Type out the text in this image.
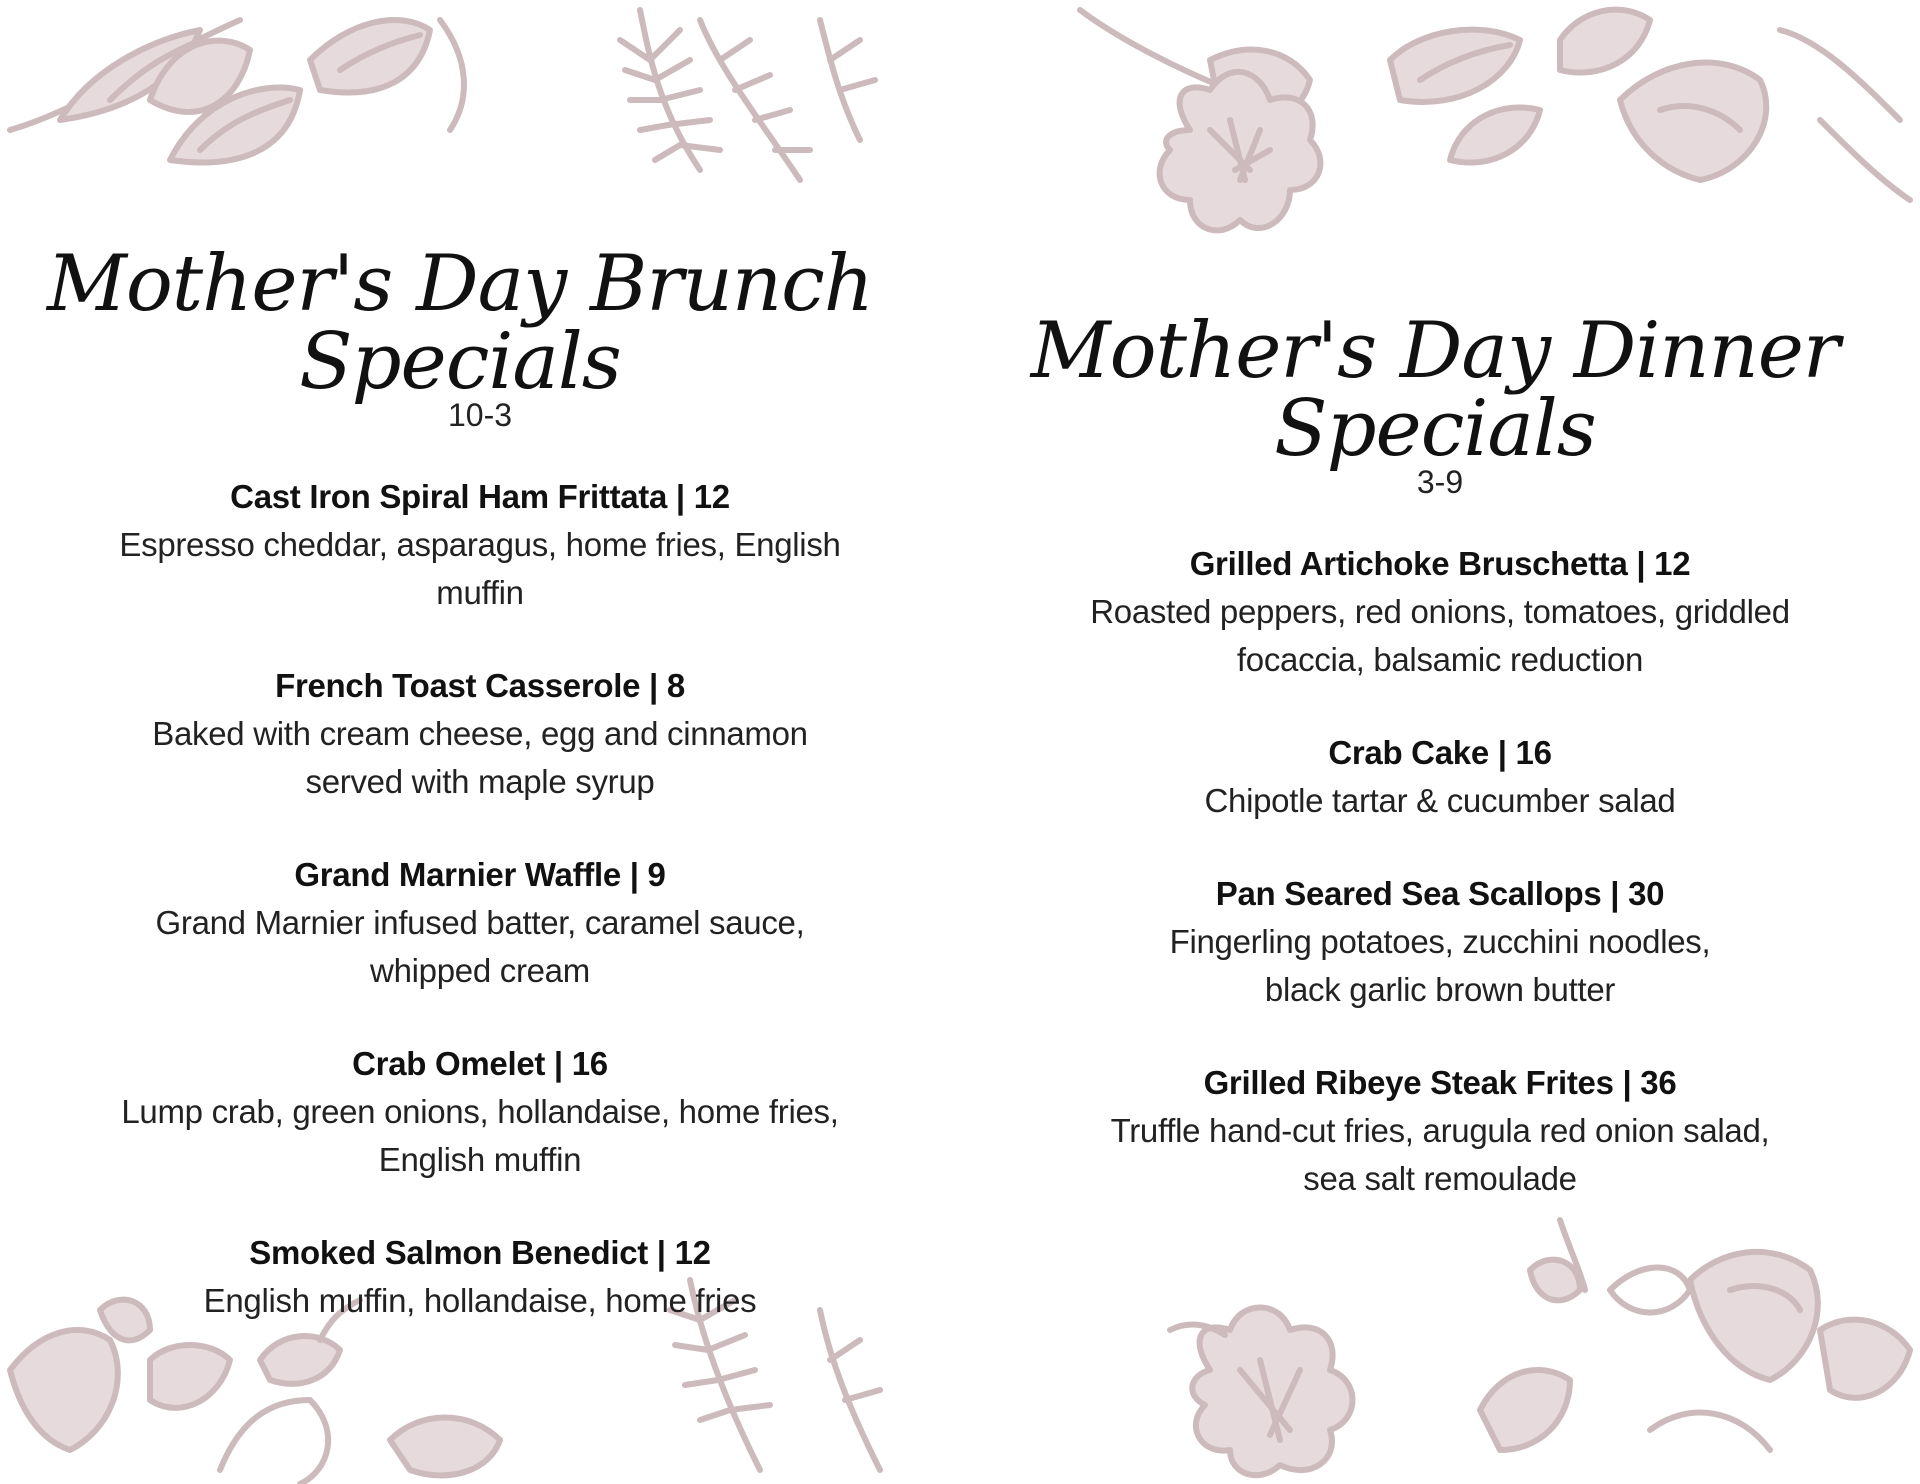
Mother's Day Brunch Specials
10-3
Cast Iron Spiral Ham Frittata | 12
Espresso cheddar, asparagus, home fries, English
muffin
French Toast Casserole | 8
Baked with cream cheese, egg and cinnamon
served with maple syrup
Grand Marnier Waffle | 9
Grand Marnier infused batter, caramel sauce,
whipped cream
Crab Omelet | 16
Lump crab, green onions, hollandaise, home fries,
English muffin
Smoked Salmon Benedict | 12
English muffin, hollandaise, home fries
Mother's Day Dinner Specials
3-9
Grilled Artichoke Bruschetta | 12
Roasted peppers, red onions, tomatoes, griddled
focaccia, balsamic reduction
Crab Cake | 16
Chipotle tartar & cucumber salad
Pan Seared Sea Scallops | 30
Fingerling potatoes, zucchini noodles,
black garlic brown butter
Grilled Ribeye Steak Frites | 36
Truffle hand-cut fries, arugula red onion salad,
sea salt remoulade
